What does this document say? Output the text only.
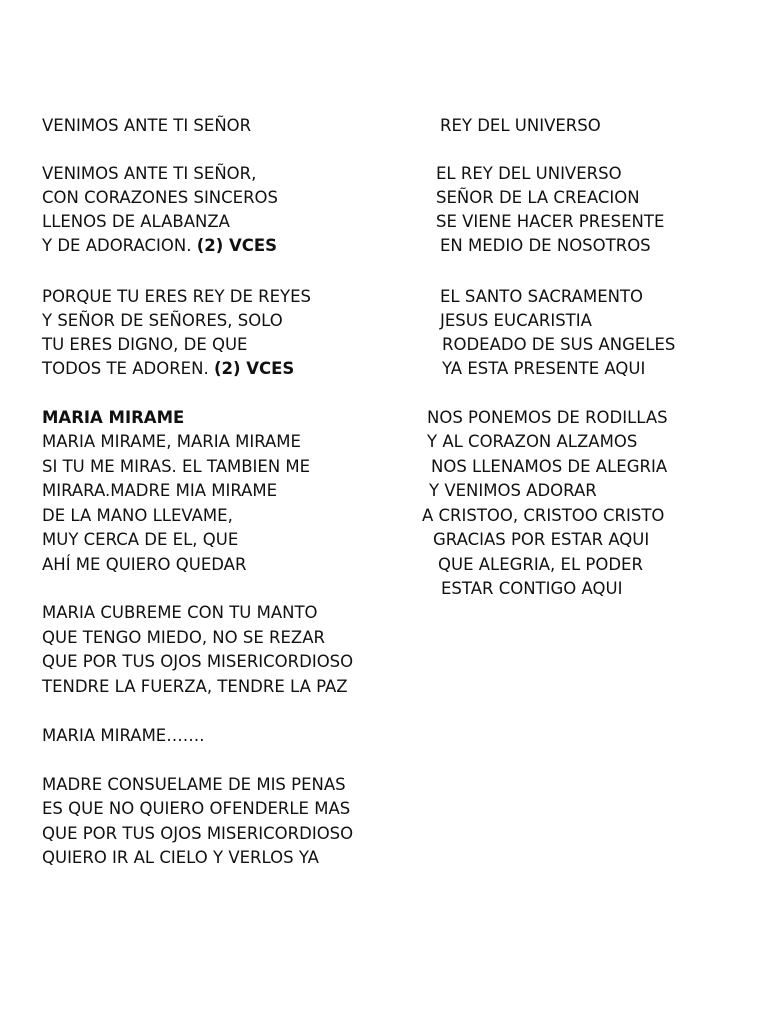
VENIMOS ANTE TI SEÑOR
VENIMOS ANTE TI SEÑOR,
CON CORAZONES SINCEROS
LLENOS DE ALABANZA
Y DE ADORACION. (2) VCES
PORQUE TU ERES REY DE REYES
Y SEÑOR DE SEÑORES, SOLO
TU ERES DIGNO, DE QUE
TODOS TE ADOREN. (2) VCES
MARIA MIRAME
MARIA MIRAME, MARIA MIRAME
SI TU ME MIRAS. EL TAMBIEN ME
MIRARA.MADRE MIA MIRAME
DE LA MANO LLEVAME,
MUY CERCA DE EL, QUE
AHÍ ME QUIERO QUEDAR
MARIA CUBREME CON TU MANTO
QUE TENGO MIEDO, NO SE REZAR
QUE POR TUS OJOS MISERICORDIOSO
TENDRE LA FUERZA, TENDRE LA PAZ
MARIA MIRAME…….
MADRE CONSUELAME DE MIS PENAS
ES QUE NO QUIERO OFENDERLE MAS
QUE POR TUS OJOS MISERICORDIOSO
QUIERO IR AL CIELO Y VERLOS YA
REY DEL UNIVERSO
EL REY DEL UNIVERSO
SEÑOR DE LA CREACION
SE VIENE HACER PRESENTE
EN MEDIO DE NOSOTROS
EL SANTO SACRAMENTO
JESUS EUCARISTIA
RODEADO DE SUS ANGELES
YA ESTA PRESENTE AQUI
NOS PONEMOS DE RODILLAS
Y AL CORAZON ALZAMOS
NOS LLENAMOS DE ALEGRIA
Y VENIMOS ADORAR
A CRISTOO, CRISTOO CRISTO
GRACIAS POR ESTAR AQUI
QUE ALEGRIA, EL PODER
ESTAR CONTIGO AQUI
